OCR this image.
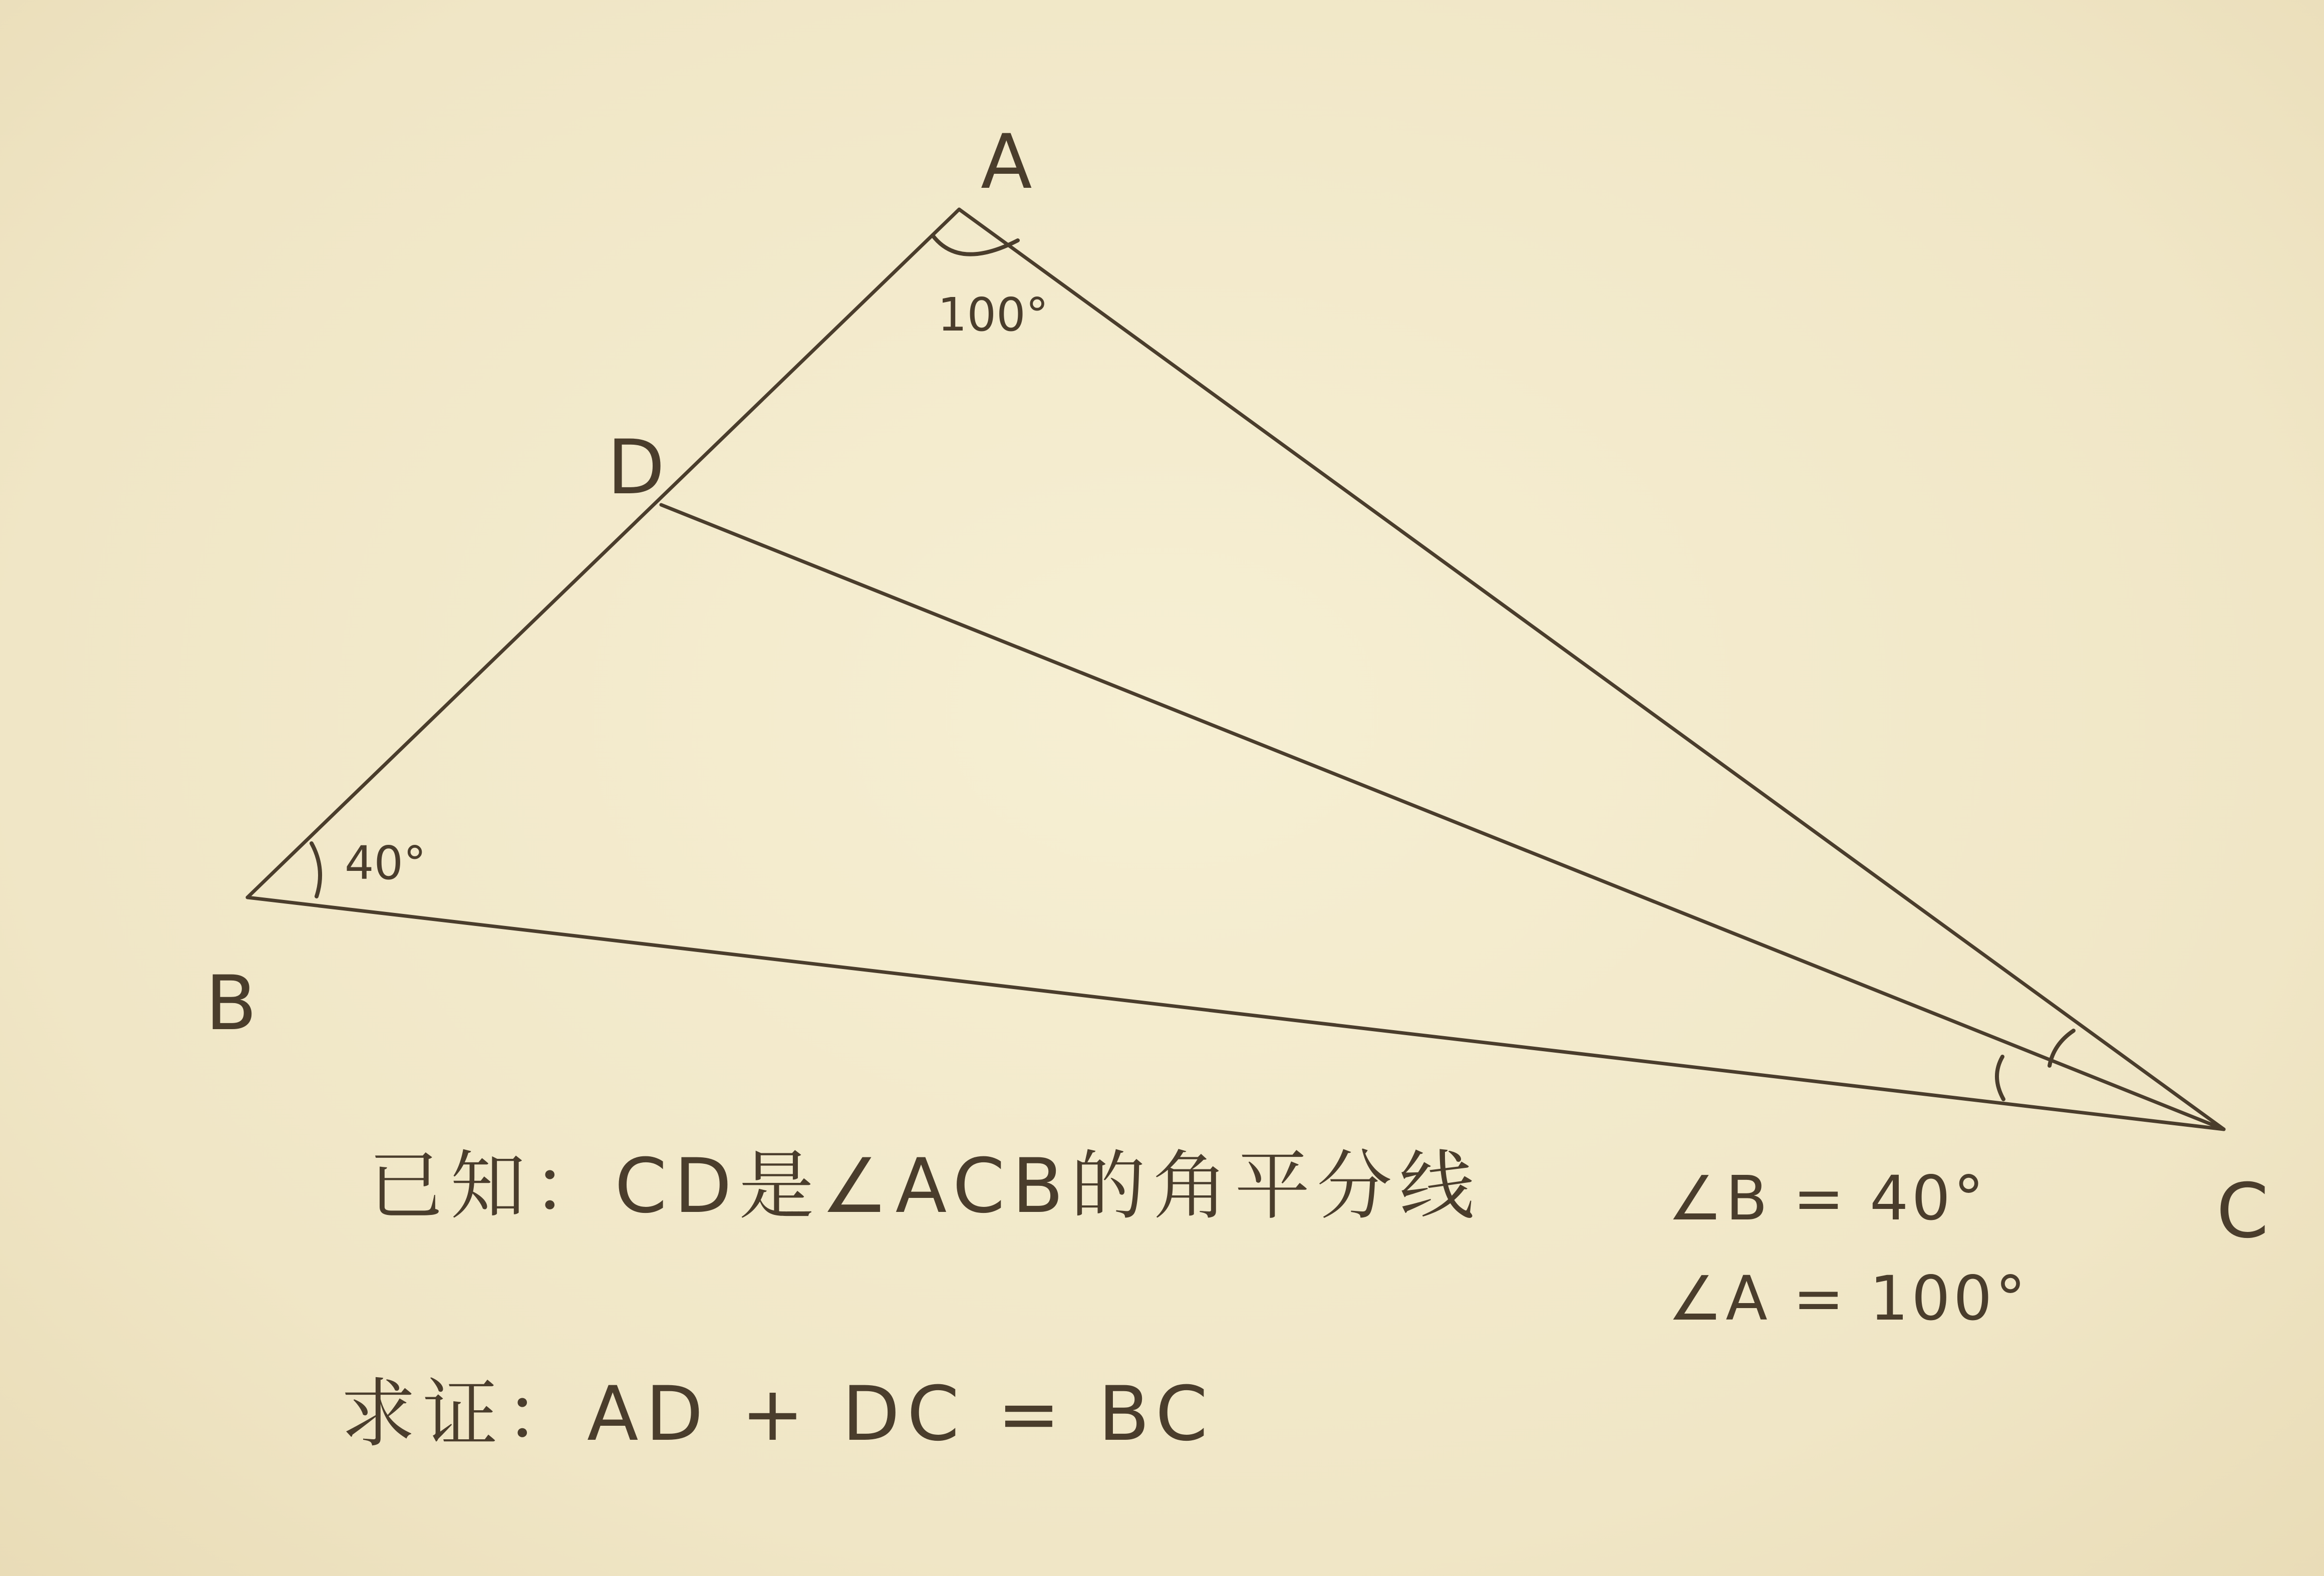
A
B
C
D
100°
40°
已知：CD是∠ACB的角平分线
求证：AD + DC = BC
∠B = 40°
∠A = 100°
